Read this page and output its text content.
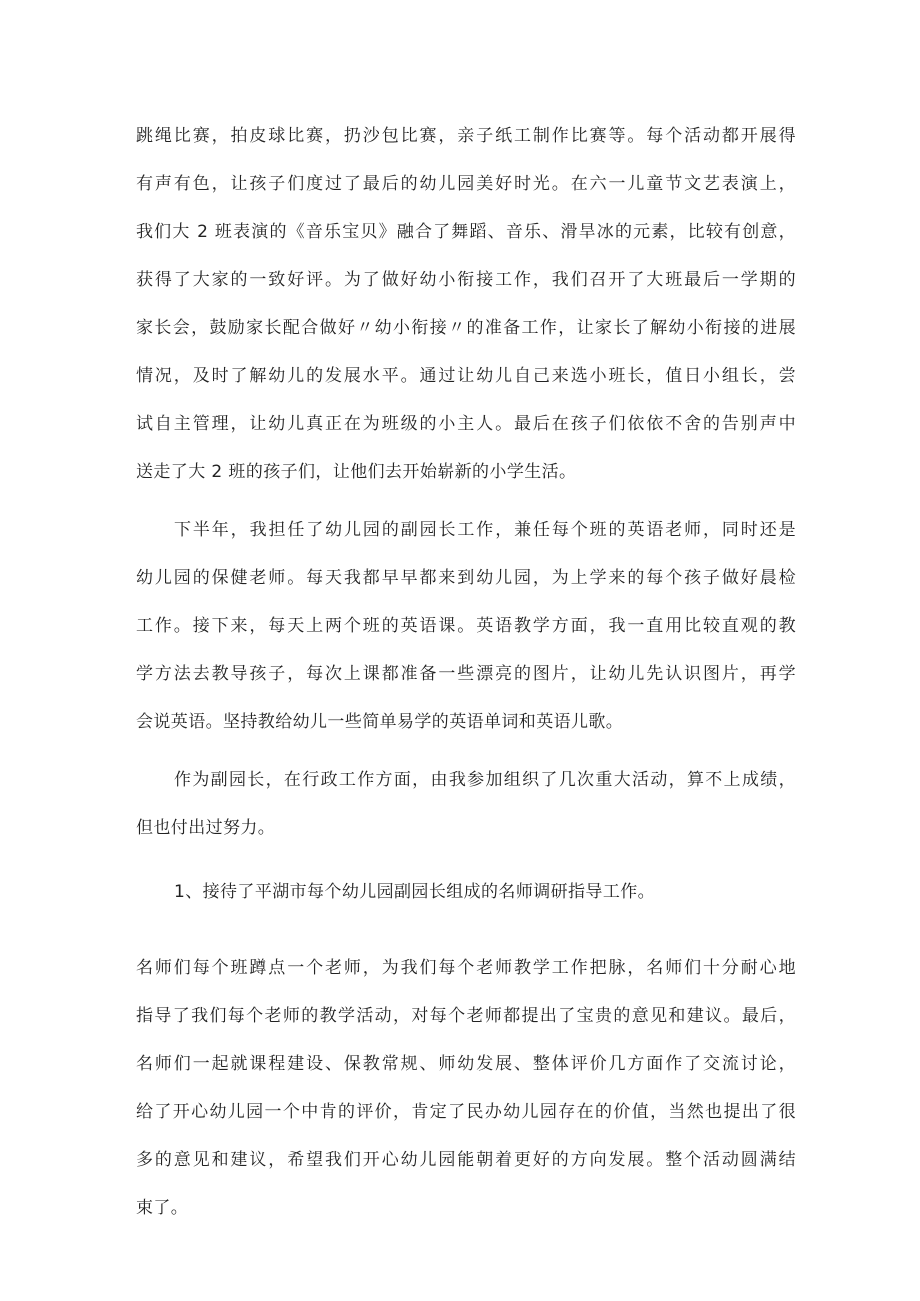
跳绳比赛，拍皮球比赛，扔沙包比赛，亲子纸工制作比赛等。每个活动都开展得
有声有色，让孩子们度过了最后的幼儿园美好时光。在六一儿童节文艺表演上，
我们大 2 班表演的《音乐宝贝》融合了舞蹈、音乐、滑旱冰的元素，比较有创意，
获得了大家的一致好评。为了做好幼小衔接工作，我们召开了大班最后一学期的
家长会，鼓励家长配合做好〃幼小衔接〃的准备工作，让家长了解幼小衔接的进展
情况，及时了解幼儿的发展水平。通过让幼儿自己来选小班长，值日小组长，尝
试自主管理，让幼儿真正在为班级的小主人。最后在孩子们依依不舍的告别声中
送走了大 2 班的孩子们，让他们去开始崭新的小学生活。
下半年，我担任了幼儿园的副园长工作，兼任每个班的英语老师，同时还是
幼儿园的保健老师。每天我都早早都来到幼儿园，为上学来的每个孩子做好晨检
工作。接下来，每天上两个班的英语课。英语教学方面，我一直用比较直观的教
学方法去教导孩子，每次上课都准备一些漂亮的图片，让幼儿先认识图片，再学
会说英语。坚持教给幼儿一些简单易学的英语单词和英语儿歌。
作为副园长，在行政工作方面，由我参加组织了几次重大活动，算不上成绩，
但也付出过努力。
1、接待了平湖市每个幼儿园副园长组成的名师调研指导工作。
名师们每个班蹲点一个老师，为我们每个老师教学工作把脉，名师们十分耐心地
指导了我们每个老师的教学活动，对每个老师都提出了宝贵的意见和建议。最后，
名师们一起就课程建设、保教常规、师幼发展、整体评价几方面作了交流讨论，
给了开心幼儿园一个中肯的评价，肯定了民办幼儿园存在的价值，当然也提出了很
多的意见和建议，希望我们开心幼儿园能朝着更好的方向发展。整个活动圆满结
束了。
